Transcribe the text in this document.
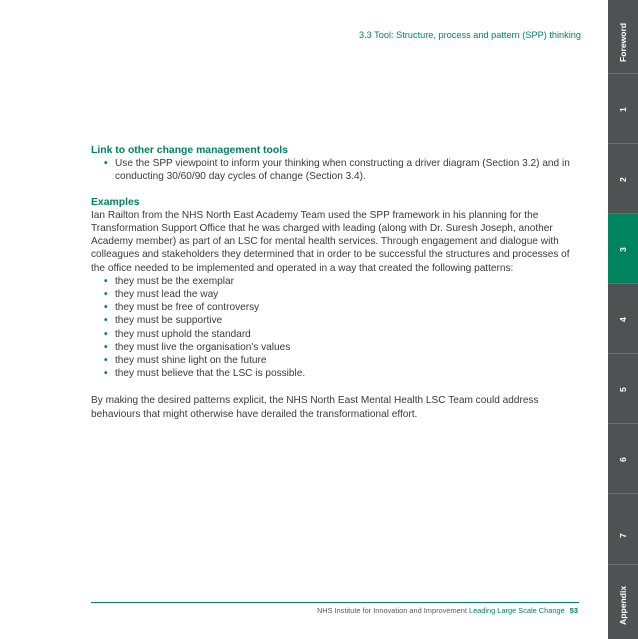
3.3 Tool: Structure, process and pattern (SPP) thinking
Link to other change management tools
• Use the SPP viewpoint to inform your thinking when constructing a driver diagram (Section 3.2) and in conducting 30/60/90 day cycles of change (Section 3.4).
Examples

Ian Railton from the NHS North East Academy Team used the SPP framework in his planning for the Transformation Support Office that he was charged with leading (along with Dr. Suresh Joseph, another Academy member) as part of an LSC for mental health services. Through engagement and dialogue with colleagues and stakeholders they determined that in order to be successful the structures and processes of the office needed to be implemented and operated in a way that created the following patterns:

• they must be the exemplar
• they must lead the way
• they must be free of controversy
• they must be supportive
• they must uphold the standard
• they must live the organisation's values
• they must shine light on the future
• they must believe that the LSC is possible.

By making the desired patterns explicit, the NHS North East Mental Health LSC Team could address behaviours that might otherwise have derailed the transformational effort.

NHS Institute for Innovation and Improvement Leading Large Scale Change 53
Foreword
1
2
3
4
5
6
7
Appendix
